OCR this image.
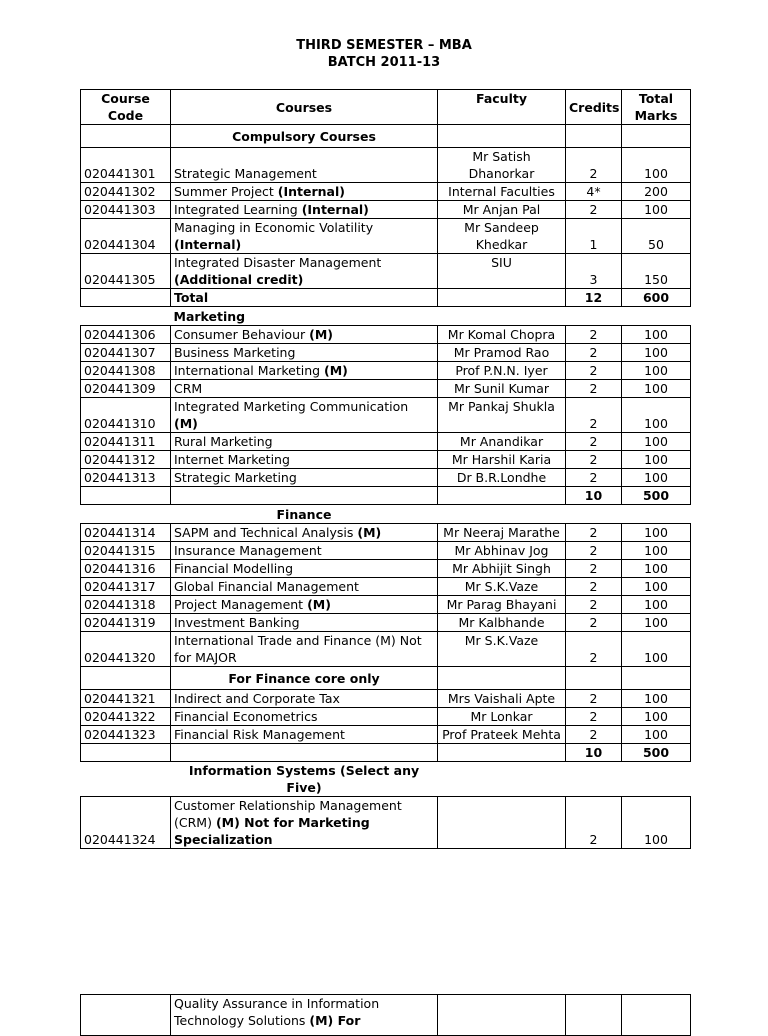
THIRD SEMESTER – MBA
BATCH 2011-13
Course Code	Courses	Faculty	Credits	Total Marks
	Compulsory Courses			
020441301	Strategic Management	Mr Satish Dhanorkar	2	100
020441302	Summer Project (Internal)	Internal Faculties	4*	200
020441303	Integrated Learning (Internal)	Mr Anjan Pal	2	100
020441304	Managing in Economic Volatility (Internal)	Mr Sandeep Khedkar	1	50
020441305	Integrated Disaster Management (Additional credit)	SIU	3	150
	Total		12	600
	Marketing			
020441306	Consumer Behaviour (M)	Mr Komal Chopra	2	100
020441307	Business Marketing	Mr Pramod Rao	2	100
020441308	International Marketing (M)	Prof P.N.N. Iyer	2	100
020441309	CRM	Mr Sunil Kumar	2	100
020441310	Integrated Marketing Communication (M)	Mr Pankaj Shukla	2	100
020441311	Rural Marketing	Mr Anandikar	2	100
020441312	Internet Marketing	Mr Harshil Karia	2	100
020441313	Strategic Marketing	Dr B.R.Londhe	2	100
			10	500
	Finance			
020441314	SAPM and Technical Analysis (M)	Mr Neeraj Marathe	2	100
020441315	Insurance Management	Mr Abhinav Jog	2	100
020441316	Financial Modelling	Mr Abhijit Singh	2	100
020441317	Global Financial Management	Mr S.K.Vaze	2	100
020441318	Project Management (M)	Mr Parag Bhayani	2	100
020441319	Investment Banking	Mr Kalbhande	2	100
020441320	International Trade and Finance (M) Not for MAJOR	Mr S.K.Vaze	2	100
	For Finance core only			
020441321	Indirect and Corporate Tax	Mrs Vaishali Apte	2	100
020441322	Financial Econometrics	Mr Lonkar	2	100
020441323	Financial Risk Management	Prof Prateek Mehta	2	100
			10	500
	Information Systems (Select any Five)			
020441324	Customer Relationship Management (CRM) (M) Not for Marketing Specialization		2	100
	Quality Assurance in Information Technology Solutions (M) For			
